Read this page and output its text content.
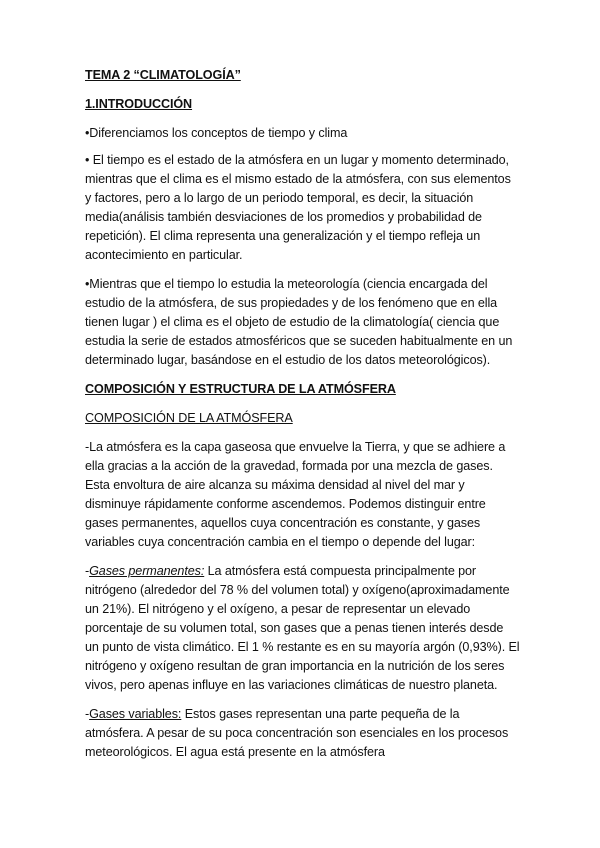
TEMA 2 “CLIMATOLOGÍA”

1.INTRODUCCIÓN

•Diferenciamos los conceptos de tiempo y clima

• El tiempo es el estado de la atmósfera en un lugar y momento determinado, mientras que el clima es el mismo estado de la atmósfera, con sus elementos y factores, pero a lo largo de un periodo temporal, es decir, la situación media(análisis también desviaciones de los promedios y probabilidad de repetición). El clima representa una generalización y el tiempo refleja un acontecimiento en particular.

•Mientras que el tiempo lo estudia la meteorología (ciencia encargada del estudio de la atmósfera, de sus propiedades y de los fenómeno que en ella tienen lugar ) el clima es el objeto de estudio de la climatología( ciencia que estudia la serie de estados atmosféricos que se suceden habitualmente en un determinado lugar, basándose en el estudio de los datos meteorológicos).

COMPOSICIÓN Y ESTRUCTURA DE LA ATMÓSFERA

COMPOSICIÓN DE LA ATMÓSFERA

-La atmósfera es la capa gaseosa que envuelve la Tierra, y que se adhiere a ella gracias a la acción de la gravedad, formada por una mezcla de gases. Esta envoltura de aire alcanza su máxima densidad al nivel del mar y disminuye rápidamente conforme ascendemos. Podemos distinguir entre gases permanentes, aquellos cuya concentración es constante, y gases variables cuya concentración cambia en el tiempo o depende del lugar:

-Gases permanentes: La atmósfera está compuesta principalmente por nitrógeno (alrededor del 78 % del volumen total) y oxígeno(aproximadamente un 21%). El nitrógeno y el oxígeno, a pesar de representar un elevado porcentaje de su volumen total, son gases que a penas tienen interés desde un punto de vista climático. El 1 % restante es en su mayoría argón (0,93%). El nitrógeno y oxígeno resultan de gran importancia en la nutrición de los seres vivos, pero apenas influye en las variaciones climáticas de nuestro planeta.

-Gases variables: Estos gases representan una parte pequeña de la atmósfera. A pesar de su poca concentración son esenciales en los procesos meteorológicos. El agua está presente en la atmósfera
